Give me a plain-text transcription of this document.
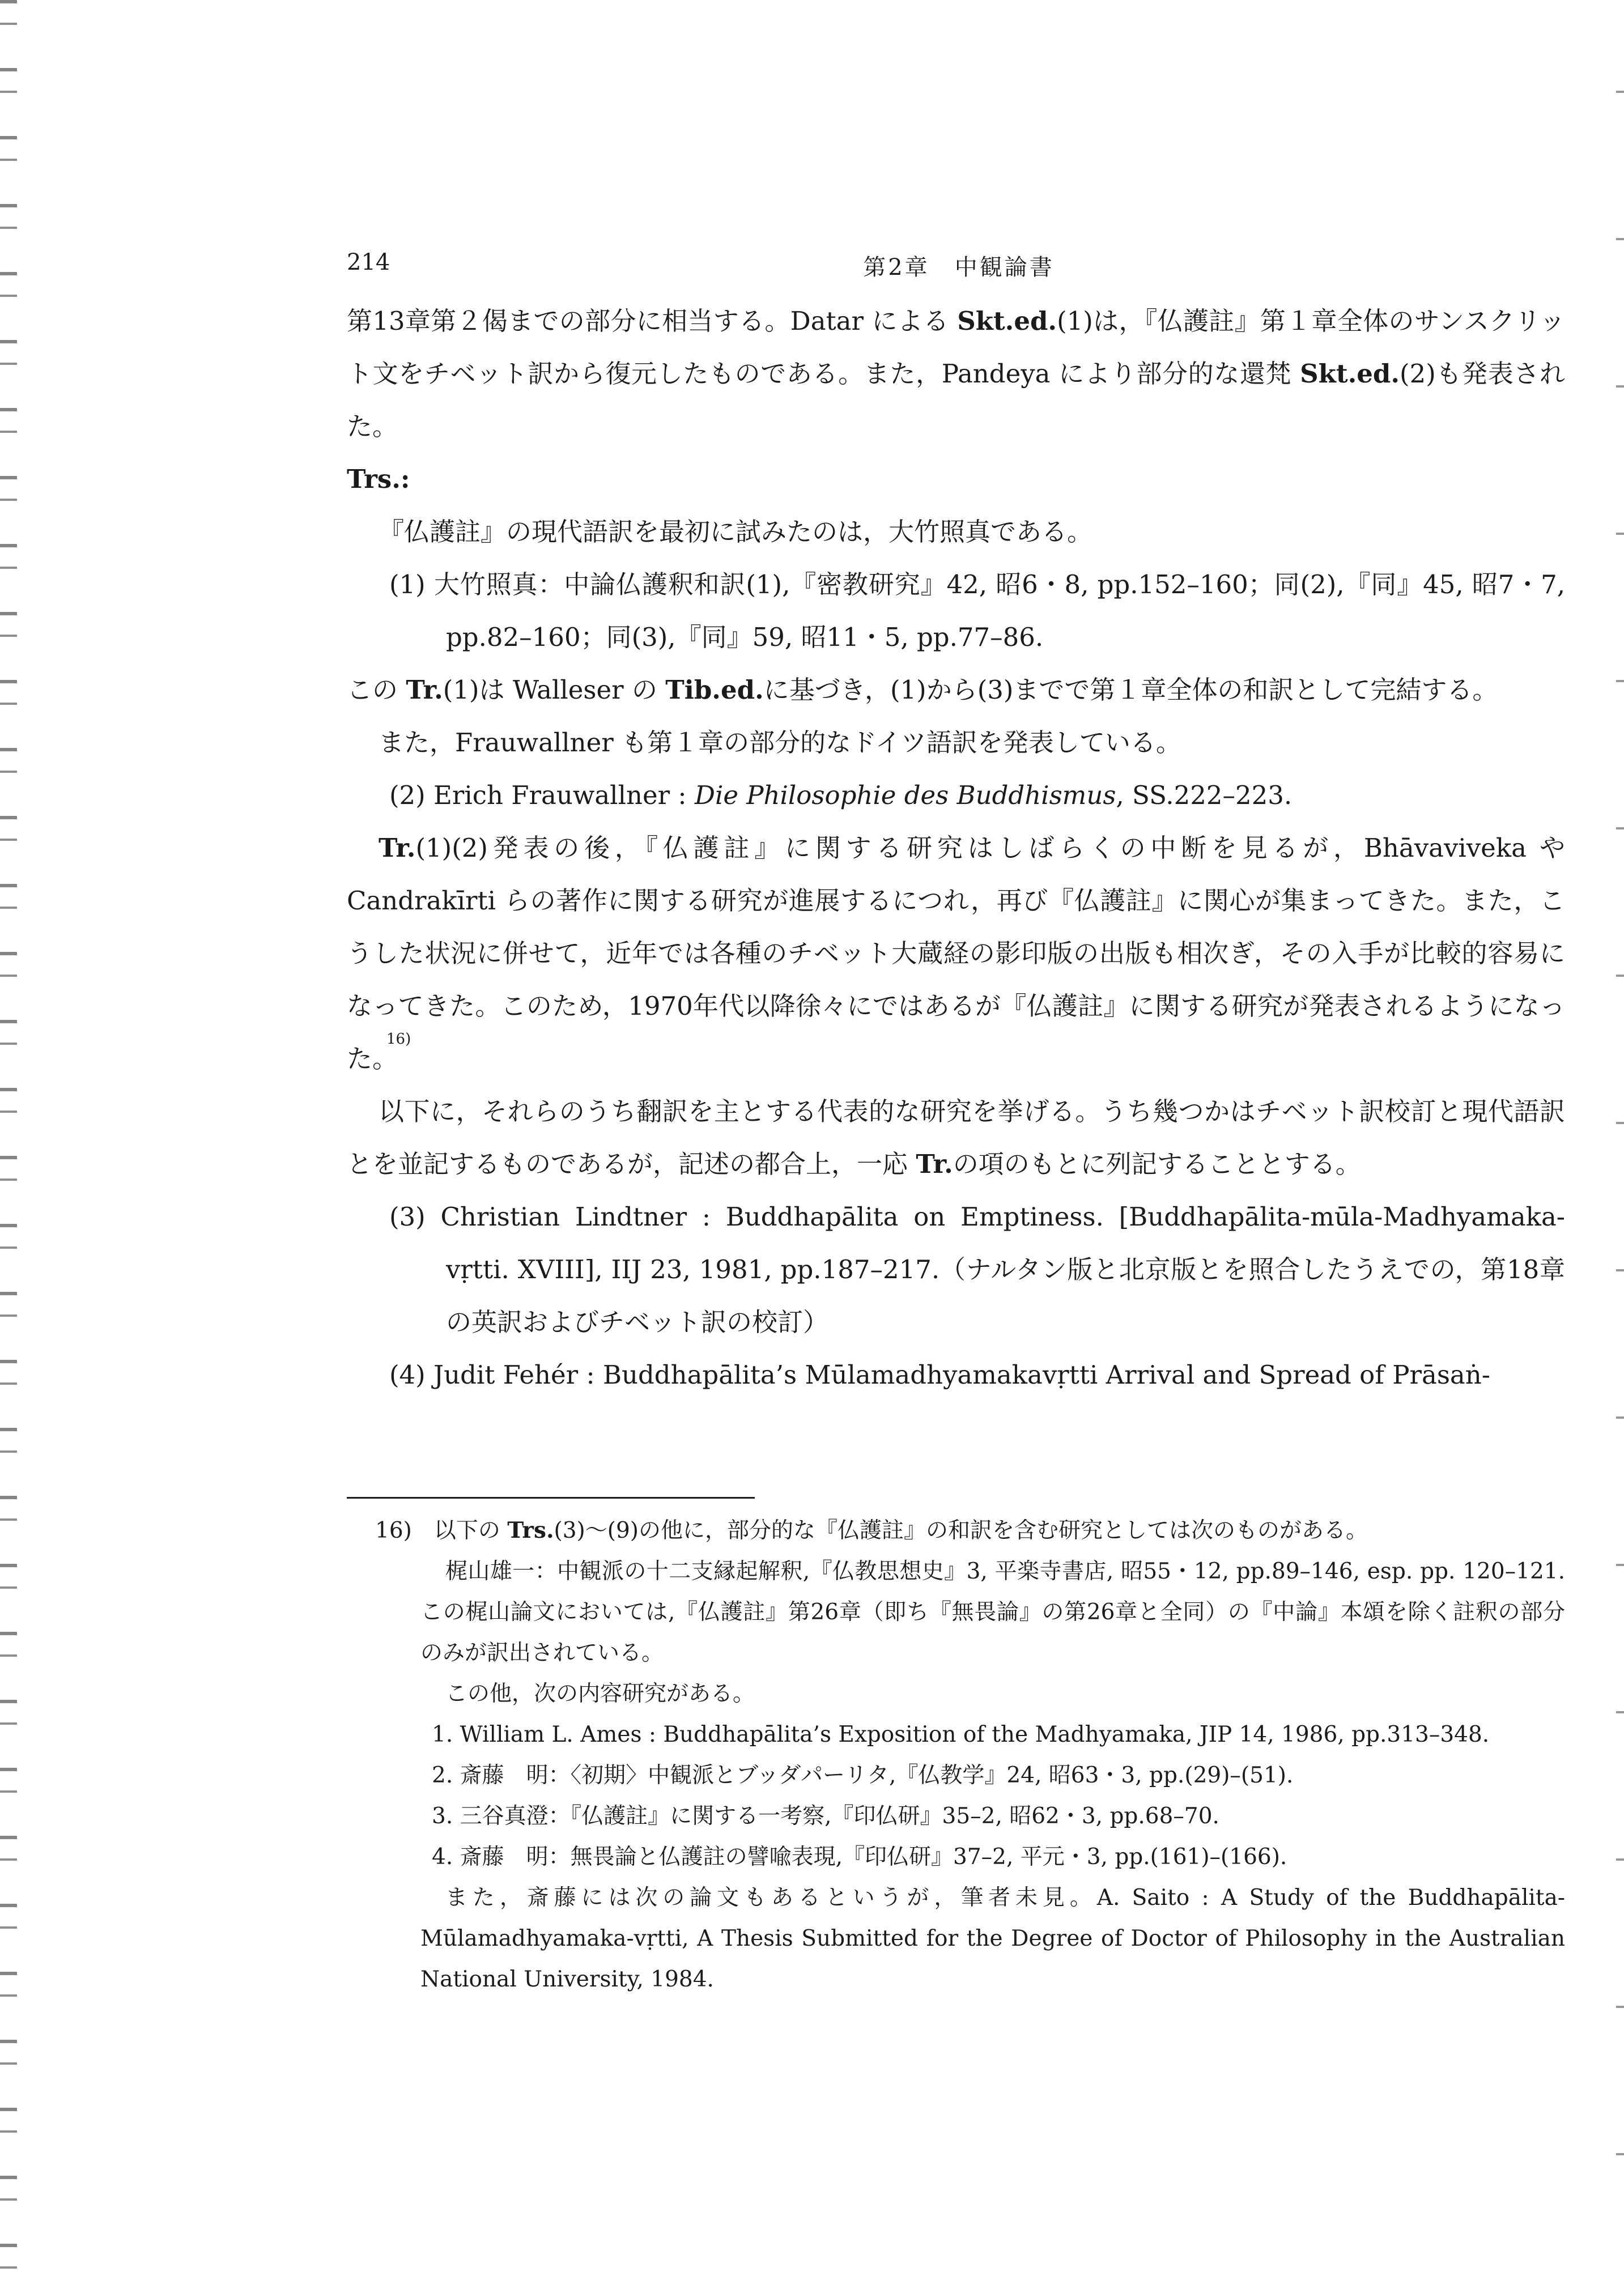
214	第2章　中観論書

第13章第２偈までの部分に相当する。Datar による Skt.ed.(1)は，『仏護註』第１章全体のサンスクリット文をチベット訳から復元したものである。また，Pandeya により部分的な還梵 Skt.ed.(2)も発表された。

Trs.:

『仏護註』の現代語訳を最初に試みたのは，大竹照真である。

(1) 大竹照真：中論仏護釈和訳(1),『密教研究』42, 昭6・8, pp.152–160；同(2),『同』45, 昭7・7, pp.82–160；同(3),『同』59, 昭11・5, pp.77–86.

この Tr.(1)は Walleser の Tib.ed.に基づき，(1)から(3)までで第１章全体の和訳として完結する。

また，Frauwallner も第１章の部分的なドイツ語訳を発表している。

(2) Erich Frauwallner : Die Philosophie des Buddhismus, SS.222–223.

Tr.(1)(2)発表の後，『仏護註』に関する研究はしばらくの中断を見るが，Bhāvaviveka や Candrakīrti らの著作に関する研究が進展するにつれ，再び『仏護註』に関心が集まってきた。また，こうした状況に併せて，近年では各種のチベット大蔵経の影印版の出版も相次ぎ，その入手が比較的容易になってきた。このため，1970年代以降徐々にではあるが『仏護註』に関する研究が発表されるようになった。$^{16)}$

以下に，それらのうち翻訳を主とする代表的な研究を挙げる。うち幾つかはチベット訳校訂と現代語訳とを並記するものであるが，記述の都合上，一応 Tr.の項のもとに列記することとする。

(3) Christian Lindtner : Buddhapālita on Emptiness. [Buddhapālita-mūla-Madhyamaka-vṛtti. XVIII], IIJ 23, 1981, pp.187–217.（ナルタン版と北京版とを照合したうえでの，第18章の英訳およびチベット訳の校訂）

(4) Judit Fehér : Buddhapālita’s Mūlamadhyamakavṛtti Arrival and Spread of Prāsaṅ-

16)　以下の Trs.(3)〜(9)の他に，部分的な『仏護註』の和訳を含む研究としては次のものがある。

梶山雄一：中観派の十二支縁起解釈,『仏教思想史』3, 平楽寺書店, 昭55・12, pp.89–146, esp. pp. 120–121. この梶山論文においては,『仏護註』第26章（即ち『無畏論』の第26章と全同）の『中論』本頌を除く註釈の部分のみが訳出されている。

この他，次の内容研究がある。

1. William L. Ames : Buddhapālita’s Exposition of the Madhyamaka, JIP 14, 1986, pp.313–348.

2. 斎藤　明：〈初期〉中観派とブッダパーリタ,『仏教学』24, 昭63・3, pp.(29)–(51).

3. 三谷真澄：『仏護註』に関する一考察,『印仏研』35–2, 昭62・3, pp.68–70.

4. 斎藤　明：無畏論と仏護註の譬喩表現,『印仏研』37–2, 平元・3, pp.(161)–(166).

また，斎藤には次の論文もあるというが，筆者未見。A. Saito : A Study of the Buddhapālita-Mūlamadhyamaka-vṛtti, A Thesis Submitted for the Degree of Doctor of Philosophy in the Australian National University, 1984.
